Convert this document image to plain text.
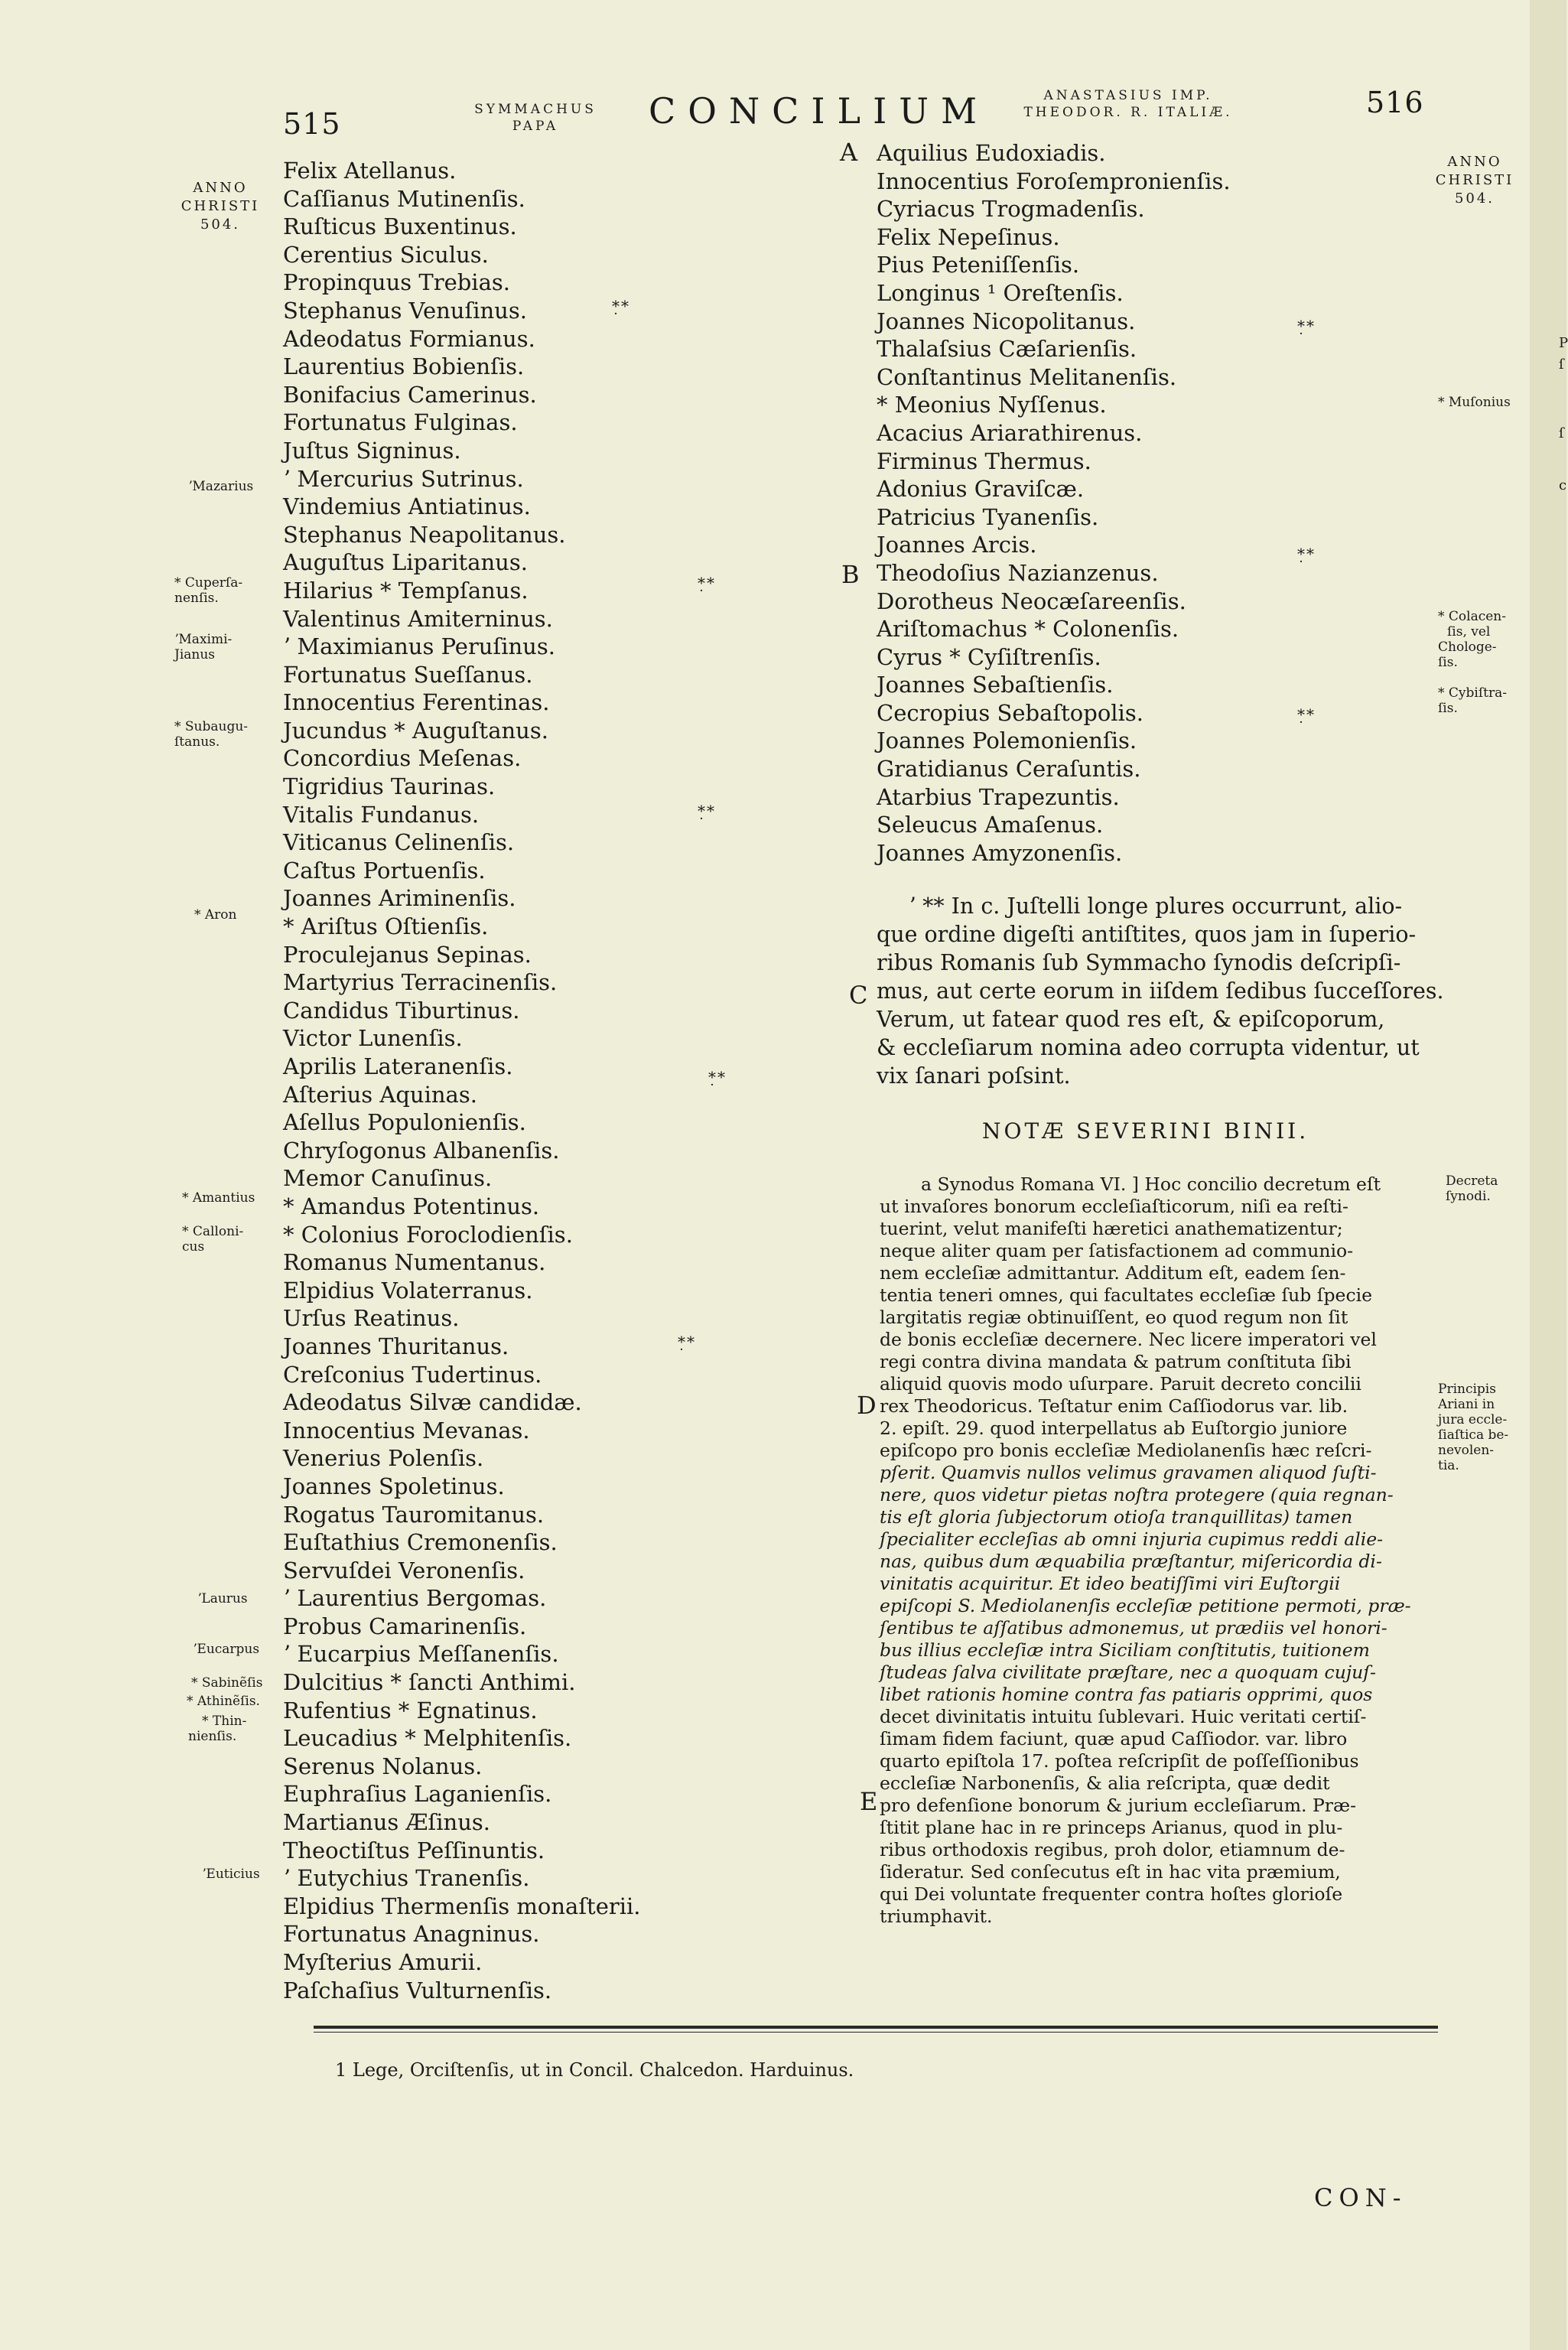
515	SYMMACHUS
PAPA	CONCILIUM	ANASTASIUS IMP.
THEODOR. R. ITALIÆ.	516
ANNO
CHRISTI
504.
ANNO
CHRISTI
504.
Felix Atellanus.
Caſſianus Mutinenſis.
Ruſticus Buxentinus.
Cerentius Siculus.
Propinquus Trebias.
Stephanus Venuſinus.
Adeodatus Formianus.
Laurentius Bobienſis.
Bonifacius Camerinus.
Fortunatus Fulginas.
Juſtus Signinus.
ʼ Mercurius Sutrinus.
Vindemius Antiatinus.
Stephanus Neapolitanus.
Auguſtus Liparitanus.
Hilarius * Tempſanus.
Valentinus Amiterninus.
ʼ Maximianus Peruſinus.
Fortunatus Sueſſanus.
Innocentius Ferentinas.
Jucundus * Auguſtanus.
Concordius Meſenas.
Tigridius Taurinas.
Vitalis Fundanus.
Viticanus Celinenſis.
Caſtus Portuenſis.
Joannes Ariminenſis.
* Ariſtus Oſtienſis.
Proculejanus Sepinas.
Martyrius Terracinenſis.
Candidus Tiburtinus.
Victor Lunenſis.
Aprilis Lateranenſis.
Aſterius Aquinas.
Aſellus Populonienſis.
Chryſogonus Albanenſis.
Memor Canuſinus.
* Amandus Potentinus.
* Colonius Foroclodienſis.
Romanus Numentanus.
Elpidius Volaterranus.
Urſus Reatinus.
Joannes Thuritanus.
Creſconius Tudertinus.
Adeodatus Silvæ candidæ.
Innocentius Mevanas.
Venerius Polenſis.
Joannes Spoletinus.
Rogatus Tauromitanus.
Euſtathius Cremonenſis.
Servuſdei Veronenſis.
ʼ Laurentius Bergomas.
Probus Camarinenſis.
ʼ Eucarpius Meſſanenſis.
Dulcitius * ſancti Anthimi.
Rufentius * Egnatinus.
Leucadius * Melphitenſis.
Serenus Nolanus.
Euphraſius Laganienſis.
Martianus Æſinus.
Theoctiſtus Peſſinuntis.
ʼ Eutychius Tranenſis.
Elpidius Thermenſis monaſterii.
Fortunatus Anagninus.
Myſterius Amurii.
Paſchaſius Vulturnenſis.
ʼMazarius
* Cuperſa-
nenſis.
ʼMaximi-
Jianus
* Subaugu-
ſtanus.
* Aron
* Amantius
* Calloni-
cus
ʼLaurus
ʼEucarpus
* Sabinẽſis
* Athinẽſis.
* Thin-
nienſis.
ʼEuticius
*̣*
*̣*
*̣*
*̣*
*̣*
*̣*
*̣*
*̣*
A
B
C
D
E
Aquilius Eudoxiadis.
Innocentius Foroſempronienſis.
Cyriacus Trogmadenſis.
Felix Nepeſinus.
Pius Peteniſſenſis.
Longinus ¹ Oreſtenſis.
Joannes Nicopolitanus.
Thalaſsius Cæſarienſis.
Conſtantinus Melitanenſis.
* Meonius Nyſſenus.
Acacius Ariarathirenus.
Firminus Thermus.
Adonius Graviſcæ.
Patricius Tyanenſis.
Joannes Arcis.
Theodoſius Nazianzenus.
Dorotheus Neocæſareenſis.
Ariſtomachus * Colonenſis.
Cyrus * Cyſiſtrenſis.
Joannes Sebaſtienſis.
Cecropius Sebaſtopolis.
Joannes Polemonienſis.
Gratidianus Ceraſuntis.
Atarbius Trapezuntis.
Seleucus Amaſenus.
Joannes Amyzonenſis.
* Muſonius
* Colacen-
ſis, vel
Chologe-
ſis.
* Cybiſtra-
ſis.
Decreta
ſynodi.
Principis
Ariani in
jura eccle-
ſiaſtica be-
nevolen-
tia.
ʼ ** In c. Juſtelli longe plures occurrunt, alio-
que ordine digeſti antiſtites, quos jam in ſuperio-
ribus Romanis ſub Symmacho ſynodis deſcripſi-
mus, aut certe eorum in iiſdem ſedibus ſucceſſores.
Verum, ut fatear quod res eſt, & epiſcoporum,
& eccleſiarum nomina adeo corrupta videntur, ut
vix ſanari poſsint.
NOTÆ SEVERINI BINII.
a Synodus Romana VI. ] Hoc concilio decretum eſt
ut invaſores bonorum eccleſiaſticorum, niſi ea reſti-
tuerint, velut manifeſti hæretici anathematizentur;
neque aliter quam per ſatisfactionem ad communio-
nem eccleſiæ admittantur. Additum eſt, eadem ſen-
tentia teneri omnes, qui facultates eccleſiæ ſub ſpecie
largitatis regiæ obtinuiſſent, eo quod regum non ſit
de bonis eccleſiæ decernere. Nec licere imperatori vel
regi contra divina mandata & patrum conſtituta ſibi
aliquid quovis modo uſurpare. Paruit decreto concilii
rex Theodoricus. Teſtatur enim Caſſiodorus var. lib.
2. epiſt. 29. quod interpellatus ab Euſtorgio juniore
epiſcopo pro bonis eccleſiæ Mediolanenſis hæc reſcri-
pſerit. Quamvis nullos velimus gravamen aliquod ſuſti-
nere, quos videtur pietas noſtra protegere (quia regnan-
tis eſt gloria ſubjectorum otioſa tranquillitas) tamen
ſpecialiter eccleſias ab omni injuria cupimus reddi alie-
nas, quibus dum æquabilia præſtantur, miſericordia di-
vinitatis acquiritur. Et ideo beatiſſimi viri Euſtorgii
epiſcopi S. Mediolanenſis eccleſiæ petitione permoti, præ-
ſentibus te aſſatibus admonemus, ut prædiis vel honori-
bus illius eccleſiæ intra Siciliam conſtitutis, tuitionem
ſtudeas ſalva civilitate præſtare, nec a quoquam cujuſ-
libet rationis homine contra fas patiaris opprimi, quos
decet divinitatis intuitu ſublevari. Huic veritati certiſ-
ſimam fidem faciunt, quæ apud Caſſiodor. var. libro
quarto epiſtola 17. poſtea reſcripſit de poſſeſſionibus
eccleſiæ Narbonenſis, & alia reſcripta, quæ dedit
pro defenſione bonorum & jurium eccleſiarum. Præ-
ſtitit plane hac in re princeps Arianus, quod in plu-
ribus orthodoxis regibus, proh dolor, etiamnum de-
ſideratur. Sed conſecutus eſt in hac vita præmium,
qui Dei voluntate frequenter contra hoſtes glorioſe
triumphavit.
1 Lege, Orciſtenſis, ut in Concil. Chalcedon. Harduinus.
CON-
P
ſ
ſ
c
